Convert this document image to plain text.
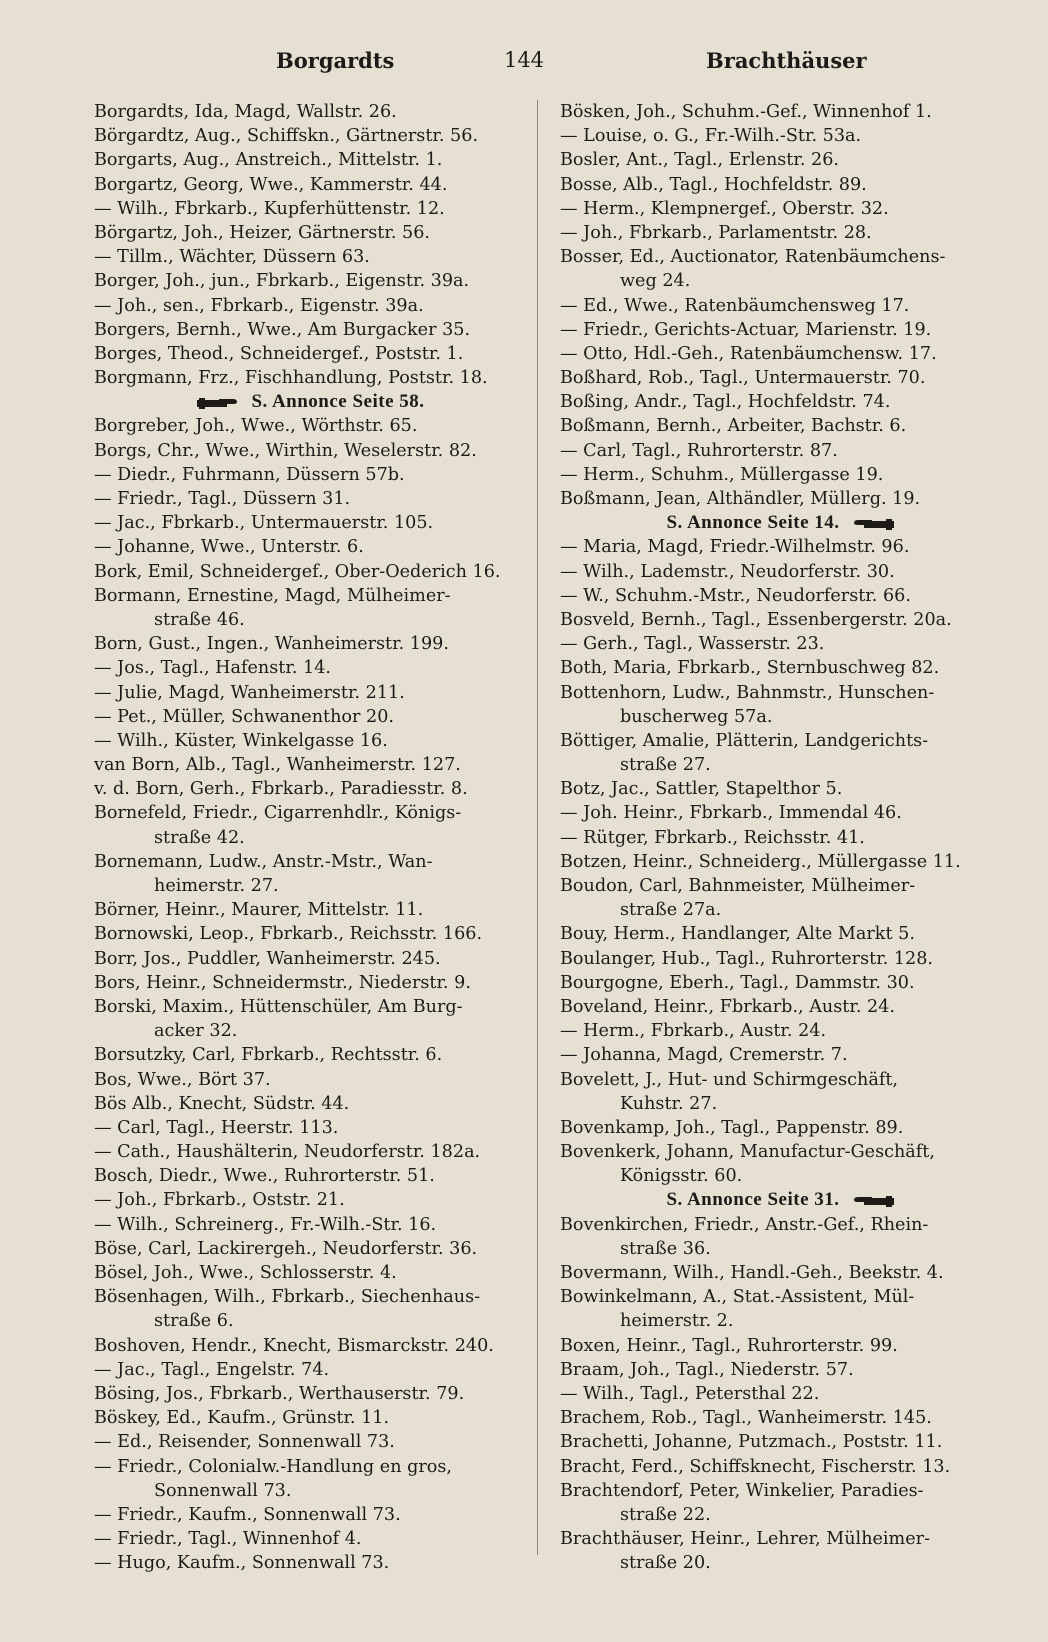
Borgardts	144	Brachthäuser
Borgardts, Ida, Magd, Wallstr. 26.
Börgardtz, Aug., Schiffskn., Gärtnerstr. 56.
Borgarts, Aug., Anstreich., Mittelstr. 1.
Borgartz, Georg, Wwe., Kammerstr. 44.
— Wilh., Fbrkarb., Kupferhüttenstr. 12.
Börgartz, Joh., Heizer, Gärtnerstr. 56.
— Tillm., Wächter, Düssern 63.
Borger, Joh., jun., Fbrkarb., Eigenstr. 39a.
— Joh., sen., Fbrkarb., Eigenstr. 39a.
Borgers, Bernh., Wwe., Am Burgacker 35.
Borges, Theod., Schneidergef., Poststr. 1.
Borgmann, Frz., Fischhandlung, Poststr. 18.
S. Annonce Seite 58.
Borgreber, Joh., Wwe., Wörthstr. 65.
Borgs, Chr., Wwe., Wirthin, Weselerstr. 82.
— Diedr., Fuhrmann, Düssern 57b.
— Friedr., Tagl., Düssern 31.
— Jac., Fbrkarb., Untermauerstr. 105.
— Johanne, Wwe., Unterstr. 6.
Bork, Emil, Schneidergef., Ober-Oederich 16.
Bormann, Ernestine, Magd, Mülheimer-
straße 46.
Born, Gust., Ingen., Wanheimerstr. 199.
— Jos., Tagl., Hafenstr. 14.
— Julie, Magd, Wanheimerstr. 211.
— Pet., Müller, Schwanenthor 20.
— Wilh., Küster, Winkelgasse 16.
van Born, Alb., Tagl., Wanheimerstr. 127.
v. d. Born, Gerh., Fbrkarb., Paradiesstr. 8.
Bornefeld, Friedr., Cigarrenhdlr., Königs-
straße 42.
Bornemann, Ludw., Anstr.-Mstr., Wan-
heimerstr. 27.
Börner, Heinr., Maurer, Mittelstr. 11.
Bornowski, Leop., Fbrkarb., Reichsstr. 166.
Borr, Jos., Puddler, Wanheimerstr. 245.
Bors, Heinr., Schneidermstr., Niederstr. 9.
Borski, Maxim., Hüttenschüler, Am Burg-
acker 32.
Borsutzky, Carl, Fbrkarb., Rechtsstr. 6.
Bos, Wwe., Bört 37.
Bös Alb., Knecht, Südstr. 44.
— Carl, Tagl., Heerstr. 113.
— Cath., Haushälterin, Neudorferstr. 182a.
Bosch, Diedr., Wwe., Ruhrorterstr. 51.
— Joh., Fbrkarb., Oststr. 21.
— Wilh., Schreinerg., Fr.-Wilh.-Str. 16.
Böse, Carl, Lackirergeh., Neudorferstr. 36.
Bösel, Joh., Wwe., Schlosserstr. 4.
Bösenhagen, Wilh., Fbrkarb., Siechenhaus-
straße 6.
Boshoven, Hendr., Knecht, Bismarckstr. 240.
— Jac., Tagl., Engelstr. 74.
Bösing, Jos., Fbrkarb., Werthauserstr. 79.
Böskey, Ed., Kaufm., Grünstr. 11.
— Ed., Reisender, Sonnenwall 73.
— Friedr., Colonialw.-Handlung en gros,
Sonnenwall 73.
— Friedr., Kaufm., Sonnenwall 73.
— Friedr., Tagl., Winnenhof 4.
— Hugo, Kaufm., Sonnenwall 73.
Bösken, Joh., Schuhm.-Gef., Winnenhof 1.
— Louise, o. G., Fr.-Wilh.-Str. 53a.
Bosler, Ant., Tagl., Erlenstr. 26.
Bosse, Alb., Tagl., Hochfeldstr. 89.
— Herm., Klempnergef., Oberstr. 32.
— Joh., Fbrkarb., Parlamentstr. 28.
Bosser, Ed., Auctionator, Ratenbäumchens-
weg 24.
— Ed., Wwe., Ratenbäumchensweg 17.
— Friedr., Gerichts-Actuar, Marienstr. 19.
— Otto, Hdl.-Geh., Ratenbäumchensw. 17.
Boßhard, Rob., Tagl., Untermauerstr. 70.
Boßing, Andr., Tagl., Hochfeldstr. 74.
Boßmann, Bernh., Arbeiter, Bachstr. 6.
— Carl, Tagl., Ruhrorterstr. 87.
— Herm., Schuhm., Müllergasse 19.
Boßmann, Jean, Althändler, Müllerg. 19.
S. Annonce Seite 14.
— Maria, Magd, Friedr.-Wilhelmstr. 96.
— Wilh., Lademstr., Neudorferstr. 30.
— W., Schuhm.-Mstr., Neudorferstr. 66.
Bosveld, Bernh., Tagl., Essenbergerstr. 20a.
— Gerh., Tagl., Wasserstr. 23.
Both, Maria, Fbrkarb., Sternbuschweg 82.
Bottenhorn, Ludw., Bahnmstr., Hunschen-
buscherweg 57a.
Böttiger, Amalie, Plätterin, Landgerichts-
straße 27.
Botz, Jac., Sattler, Stapelthor 5.
— Joh. Heinr., Fbrkarb., Immendal 46.
— Rütger, Fbrkarb., Reichsstr. 41.
Botzen, Heinr., Schneiderg., Müllergasse 11.
Boudon, Carl, Bahnmeister, Mülheimer-
straße 27a.
Bouy, Herm., Handlanger, Alte Markt 5.
Boulanger, Hub., Tagl., Ruhrorterstr. 128.
Bourgogne, Eberh., Tagl., Dammstr. 30.
Boveland, Heinr., Fbrkarb., Austr. 24.
— Herm., Fbrkarb., Austr. 24.
— Johanna, Magd, Cremerstr. 7.
Bovelett, J., Hut- und Schirmgeschäft,
Kuhstr. 27.
Bovenkamp, Joh., Tagl., Pappenstr. 89.
Bovenkerk, Johann, Manufactur-Geschäft,
Königsstr. 60.
S. Annonce Seite 31.
Bovenkirchen, Friedr., Anstr.-Gef., Rhein-
straße 36.
Bovermann, Wilh., Handl.-Geh., Beekstr. 4.
Bowinkelmann, A., Stat.-Assistent, Mül-
heimerstr. 2.
Boxen, Heinr., Tagl., Ruhrorterstr. 99.
Braam, Joh., Tagl., Niederstr. 57.
— Wilh., Tagl., Petersthal 22.
Brachem, Rob., Tagl., Wanheimerstr. 145.
Brachetti, Johanne, Putzmach., Poststr. 11.
Bracht, Ferd., Schiffsknecht, Fischerstr. 13.
Brachtendorf, Peter, Winkelier, Paradies-
straße 22.
Brachthäuser, Heinr., Lehrer, Mülheimer-
straße 20.
